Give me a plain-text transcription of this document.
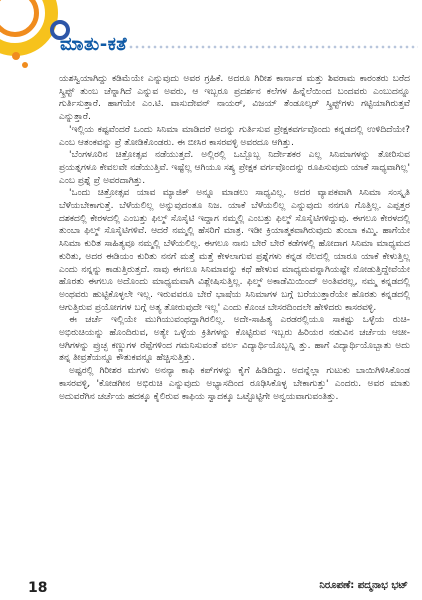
ಮಾತು-ಕತೆ

ಯಶಸ್ವಿಯಾಗಿದ್ದು ಕಡಿಮೆಯೇ ಎನ್ನುವುದು ಅವರ ಗ್ರಹಿಕೆ. ಅದರೂ ಗಿರೀಶ ಕಾರ್ನಾಡ ಮತ್ತು ಶಿವರಾಮ ಕಾರಂತರು ಬರೆದ ಸ್ಕ್ರಿಪ್ಟ್ ತುಂಬ ಚೆನ್ನಾಗಿದೆ ಎನ್ನುವ ಅವರು, ಆ ಇಬ್ಬರೂ ಪ್ರದರ್ಶನ ಕಲೆಗಳ ಹಿನ್ನೆಲೆಯಿಂದ ಬಂದವರು ಎಂಬುದನ್ನೂ ಗುರ್ತಿಸುತ್ತಾರೆ. ಹಾಗೆಯೇ ಎಂ.ಟಿ. ವಾಸುದೇವನ್ ನಾಯರ್, ವಿಜಯ್ ತೆಂಡೂಲ್ಕರ್ ಸ್ಕ್ರಿಪ್ಟ್‌ಗಳು ಗಟ್ಟಿಯಾಗಿರುತ್ತವೆ ಎನ್ನುತ್ತಾರೆ.

'ಇಲ್ಲಿಯ ಕಷ್ಟವೆಂದರೆ ಒಂದು ಸಿನಿಮಾ ಮಾಡಿದರೆ ಅದನ್ನು ಗುರ್ತಿಸುವ ಪ್ರೇಕ್ಷಕವರ್ಗವೊಂದು ಕನ್ನಡದಲ್ಲಿ ಉಳಿದಿದೆಯೇ? ಎಂಬ ಆತಂಕವನ್ನು ಪ್ರೆ ತೋಡಿಕೊಂಡರು. ಈ ಬೀಸಿರ ಕಾಸರವಳ್ಳಿ ಅವರದೂ ಆಗಿತ್ತು.

'ಬೆಂಗಳೂರಿನ ಚಿತ್ರೋತ್ಸವ ನಡೆಯುತ್ತದೆ. ಅಲ್ಲಿರಲ್ಲಿ ಒಬ್ಬೊಬ್ಬ ನಿರ್ದೇಶಕರ ಎಲ್ಲ ಸಿನಿಮಾಗಳನ್ನು ತೋರಿಸುವ ಪ್ರಯತ್ನಗಳೂ ಕೇವಲವೇ ನಡೆಯುತ್ತಿವೆ. ಇಷ್ಟೆಲ್ಲ ಆಗಿಯೂ ಸಶ್ಕ್ತ ಪ್ರೇಕ್ಷಕ ವರ್ಗವೊಂದನ್ನು ರೂಪಿಸುವುದು ಯಾಕೆ ಸಾಧ್ಯವಾಗಿಲ್ಲ' ಎಂಬ ಪ್ರಶ್ನೆ ಪ್ರೆ ಅವರದಾಗಿತ್ತು.

'ಒಂದು ಚಿತ್ರೋತ್ಸವ ಯಾವ ಮ್ಯಾಜಿಕ್ ಅನ್ನೂ ಮಾಡಲು ಸಾಧ್ಯವಿಲ್ಲ. ಅದರ ವ್ಯಾಪಕವಾಗಿ ಸಿನಿಮಾ ಸಂಸ್ಕೃತಿ ಬೆಳೆಯಬೇಕಾಗುತ್ತೆ. ಬೆಳೆಯಲಿಲ್ಲ ಅನ್ನುವುದಂತೂ ನಿಜ. ಯಾಕೆ ಬೆಳೆಯಲಿಲ್ಲ ಎನ್ನುವುದು ನನಗೂ ಗೊತ್ತಿಲ್ಲ. ಎಪ್ಪತ್ತರ ದಶಕದಲ್ಲಿ ಕೇರಳದಲ್ಲಿ ಎಂಬತ್ತು ಫಿಲ್ಮ್ ಸೊಸೈಟಿ ಇದ್ದಾಗ ನಮ್ಮಲ್ಲಿ ಎಂಬತ್ತು ಫಿಲ್ಮ್ ಸೊಸೈಟಿಗಳಿದ್ದುವು. ಈಗಲೂ ಕೇರಳದಲ್ಲಿ ತುಂಬಾ ಫಿಲ್ಮ್ ಸೊಸೈಟಿಗಳಿವೆ. ಆದರೆ ನಮ್ಮಲ್ಲಿ ಹೆಸರಿಗೆ ಮಾತ್ರ. ಇಡೀ ಕ್ರಿಯಾತ್ಮಕವಾಗಿರುವುದು ತುಂಬಾ ಕಮ್ಮಿ. ಹಾಗೆಯೇ ಸಿನಿಮಾ ಕುರಿತ ಸಾಹಿತ್ಯವೂ ನಮ್ಮಲ್ಲಿ ಬೆಳೆಯಲಿಲ್ಲ. ಈಗಲೂ ನಾನು ಬೇರೆ ಬೇರೆ ಕಡೆಗಳಲ್ಲಿ ಹೋದಾಗ ಸಿನಿಮಾ ಮಾಧ್ಯಮದ ಕುರಿತು, ಅದರ ಈಡಿಯಂ ಕುರಿತು ನನಗೆ ಮತ್ತೆ ಮತ್ತೆ ಕೇಳಲಾಗುವ ಪ್ರಶ್ನೆಗಳು ಕನ್ನಡ ನೆಲದಲ್ಲಿ ಯಾರೂ ಯಾಕೆ ಕೇಳುತ್ತಿಲ್ಲ ಎಂದು ನನ್ನನ್ನು ಕಾಡುತ್ತಿರುತ್ತದೆ. ನಾವು ಈಗಲೂ ಸಿನಿಮಾವನ್ನು ಕಥೆ ಹೇಳುವ ಮಾಧ್ಯಮವನ್ನಾಗಿಯಷ್ಟೇ ನೋಡುತ್ತಿದ್ದೇವೆಯೇ ಹೊರತು ಈಗಲೂ ಅದೊಂದು ಮಾಧ್ಯಮವಾಗಿ ವಿಶ್ಲೇಷಿಸುತ್ತಿಲ್ಲ. ಫಿಲ್ಮ್ ಅಕಾಡೆಮಿಯಿಂದ್ ಅಂತಿವರಲ್ಲ, ನಮ್ಮ ಕನ್ನಡದಲ್ಲಿ ಅಂಥವರು ಹುಟ್ಟಿಕೊಳ್ಳಲೇ ಇಲ್ಲ. ಇರುವವರೂ ಬೇರೆ ಭಾಷೆಯ ಸಿನಿಮಾಗಳ ಬಗ್ಗೆ ಬರೆಯುತ್ತಾರೆಯೇ ಹೊರತು ಕನ್ನಡದಲ್ಲಿ ಆಗುತ್ತಿರುವ ಪ್ರಯೋಗಗಳ ಬಗ್ಗೆ ಅತ್ಯ ತೋರುವುದೇ ಇಲ್ಲ' ಎಂದು ಕೊಂಚ ಬೇಸರದಿಂದಲೇ ಹೇಳಿದರು ಕಾಸರವಳ್ಳಿ.

ಈ ಚರ್ಚೆ ಇಲ್ಲಿಯೇ ಮುಗಿಯುವಂಥದ್ದಾಗಿರಲಿಲ್ಲ. ಅದೇ-ಸಾಹಿತ್ಯ ಎರಡರಲ್ಲಿಯೂ ಸಾಕಷ್ಟು ಒಳ್ಳೆಯ ರುಚಿ-ಅಭಿರುಚಿಯನ್ನು ಹೊಂದಿರುವ, ಅತ್ಯೇ ಒಳ್ಳೆಯ ಕ್ರಿತಿಗಳನ್ನು ಕೊಟ್ಟಿರುವ ಇಬ್ಬರು ಹಿರಿಯರ ನಡುವಿನ ಚರ್ಚೆಯ ಆಚೀ-ಆಗಿಗಳನ್ನು ಪ್ರುಚ್ಛ ಕಣ್ಣುಗಳ ರೆಪ್ಪೆಗಳಿಂದ ಗಮನಿಸುವಂತೆ ವರ್ಲ ವಿದ್ಯಾರ್ಥಿಯೊಬ್ಬನ್ನಿ ತ್ತು. ಹಾಗೆ ವಿದ್ಯಾರ್ಥಿಯೊಬ್ಬಾತು ಅದು ತನ್ನ ತೀವ್ರತೆಯನ್ನೂ ಕೌತುಕವನ್ನೂ ಹೆಚ್ಚಿಸುತ್ತಿತ್ತು.

ಅಷ್ಟರಲ್ಲಿ ಗಿರೀಶರ ಮಗಳು ಅನನ್ಯಾ ಕಾಫಿ ಕಪ್‌ಗಳನ್ನು ಕೈಗೆ ಹಿಡಿದಿದ್ದು. ಅದನ್ನೆಲ್ಲಾ ಗುಟುಕು ಬಾಯಿಗಿಳಿಸಿಕೊಂಡ ಕಾಸರವಳ್ಳಿ, 'ಕೋಡಗೀನ ಅಭಿರುಚಿ ಎನ್ನುವುದು ಅಭ್ಯಾಸದಿಂದ ರೂಢಿಸಿಕೊಳ್ಳ ಬೇಕಾಗುತ್ತು' ಎಂದರು. ಅವರ ಮಾತು ಅದುವರೆಗಿನ ಚರ್ಚೆಯ ಹದಕ್ಕೂ ಕೈಲಿರುವ ಕಾಫಿಯ ಸ್ವಾದಕ್ಕೂ ಒಟ್ಟೊಟ್ಟಿಗೇ ಅನ್ವಯವಾಗುವಂತಿತ್ತು.

18	ನಿರೂಪಣೆ: ಪದ್ಮನಾಭ ಭಟ್
